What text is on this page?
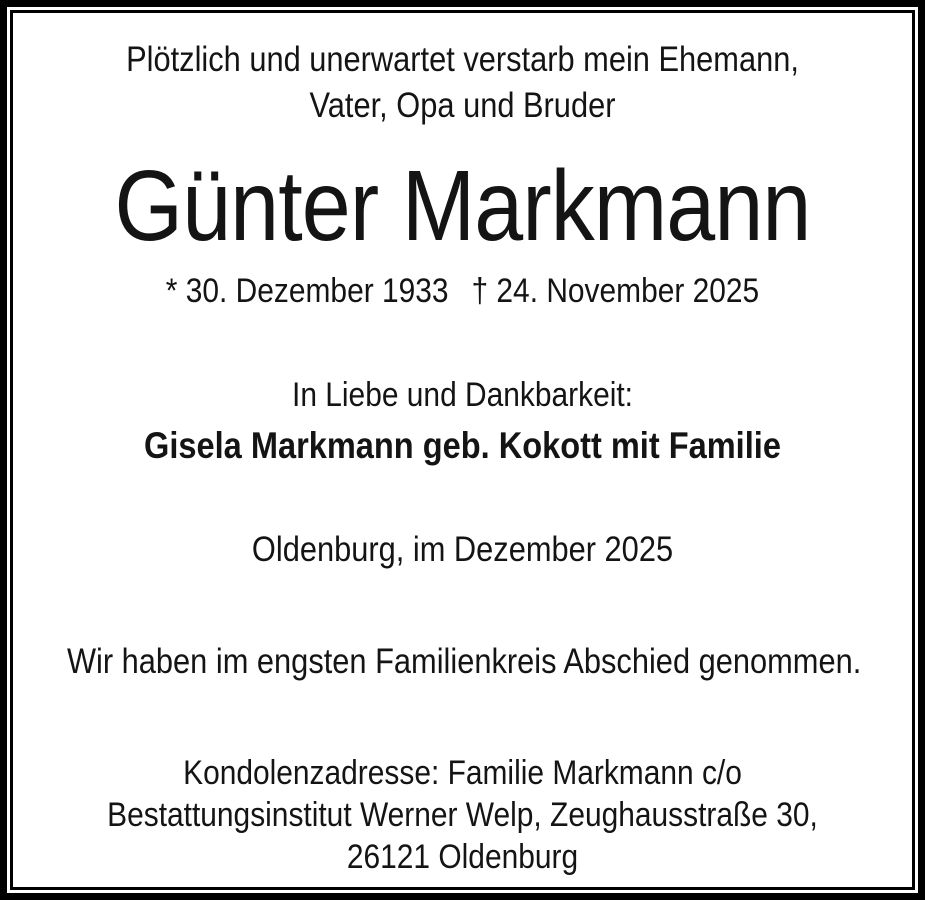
Plötzlich und unerwartet verstarb mein Ehemann,
Vater, Opa und Bruder
Günter Markmann
* 30. Dezember 1933 † 24. November 2025
In Liebe und Dankbarkeit:
Gisela Markmann geb. Kokott mit Familie
Oldenburg, im Dezember 2025
Wir haben im engsten Familienkreis Abschied genommen.
Kondolenzadresse: Familie Markmann c/o
Bestattungsinstitut Werner Welp, Zeughausstraße 30,
26121 Oldenburg
